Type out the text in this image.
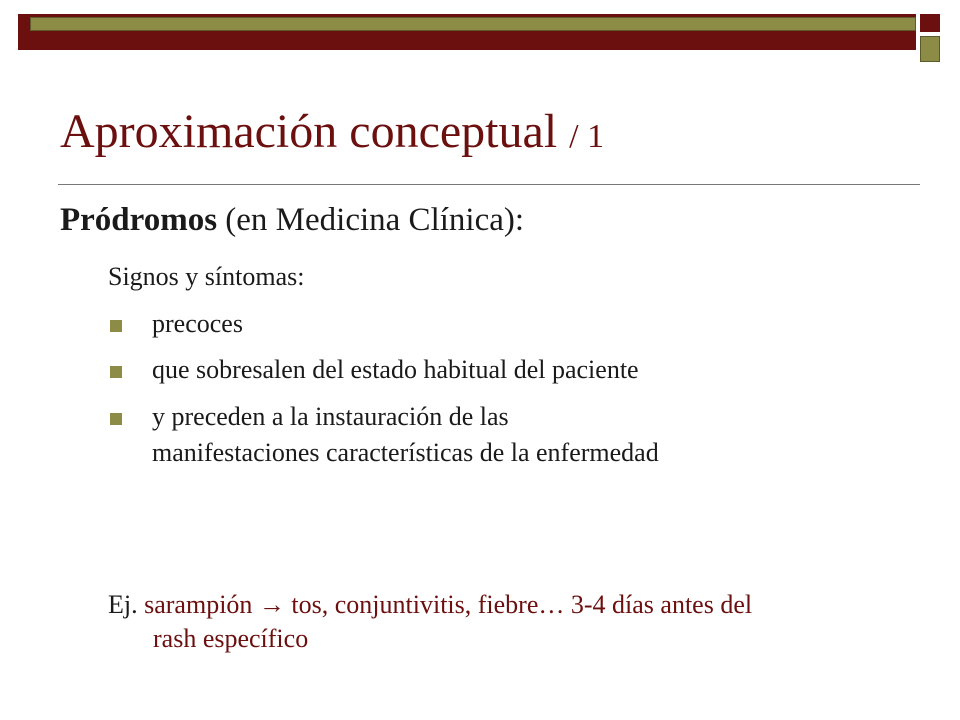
Aproximación conceptual / 1
Pródromos (en Medicina Clínica):
Signos y síntomas:
precoces
que sobresalen del estado habitual del paciente
y preceden a la instauración de las
manifestaciones características de la enfermedad
Ej. sarampión → tos, conjuntivitis, fiebre… 3-4 días antes del
rash específico
